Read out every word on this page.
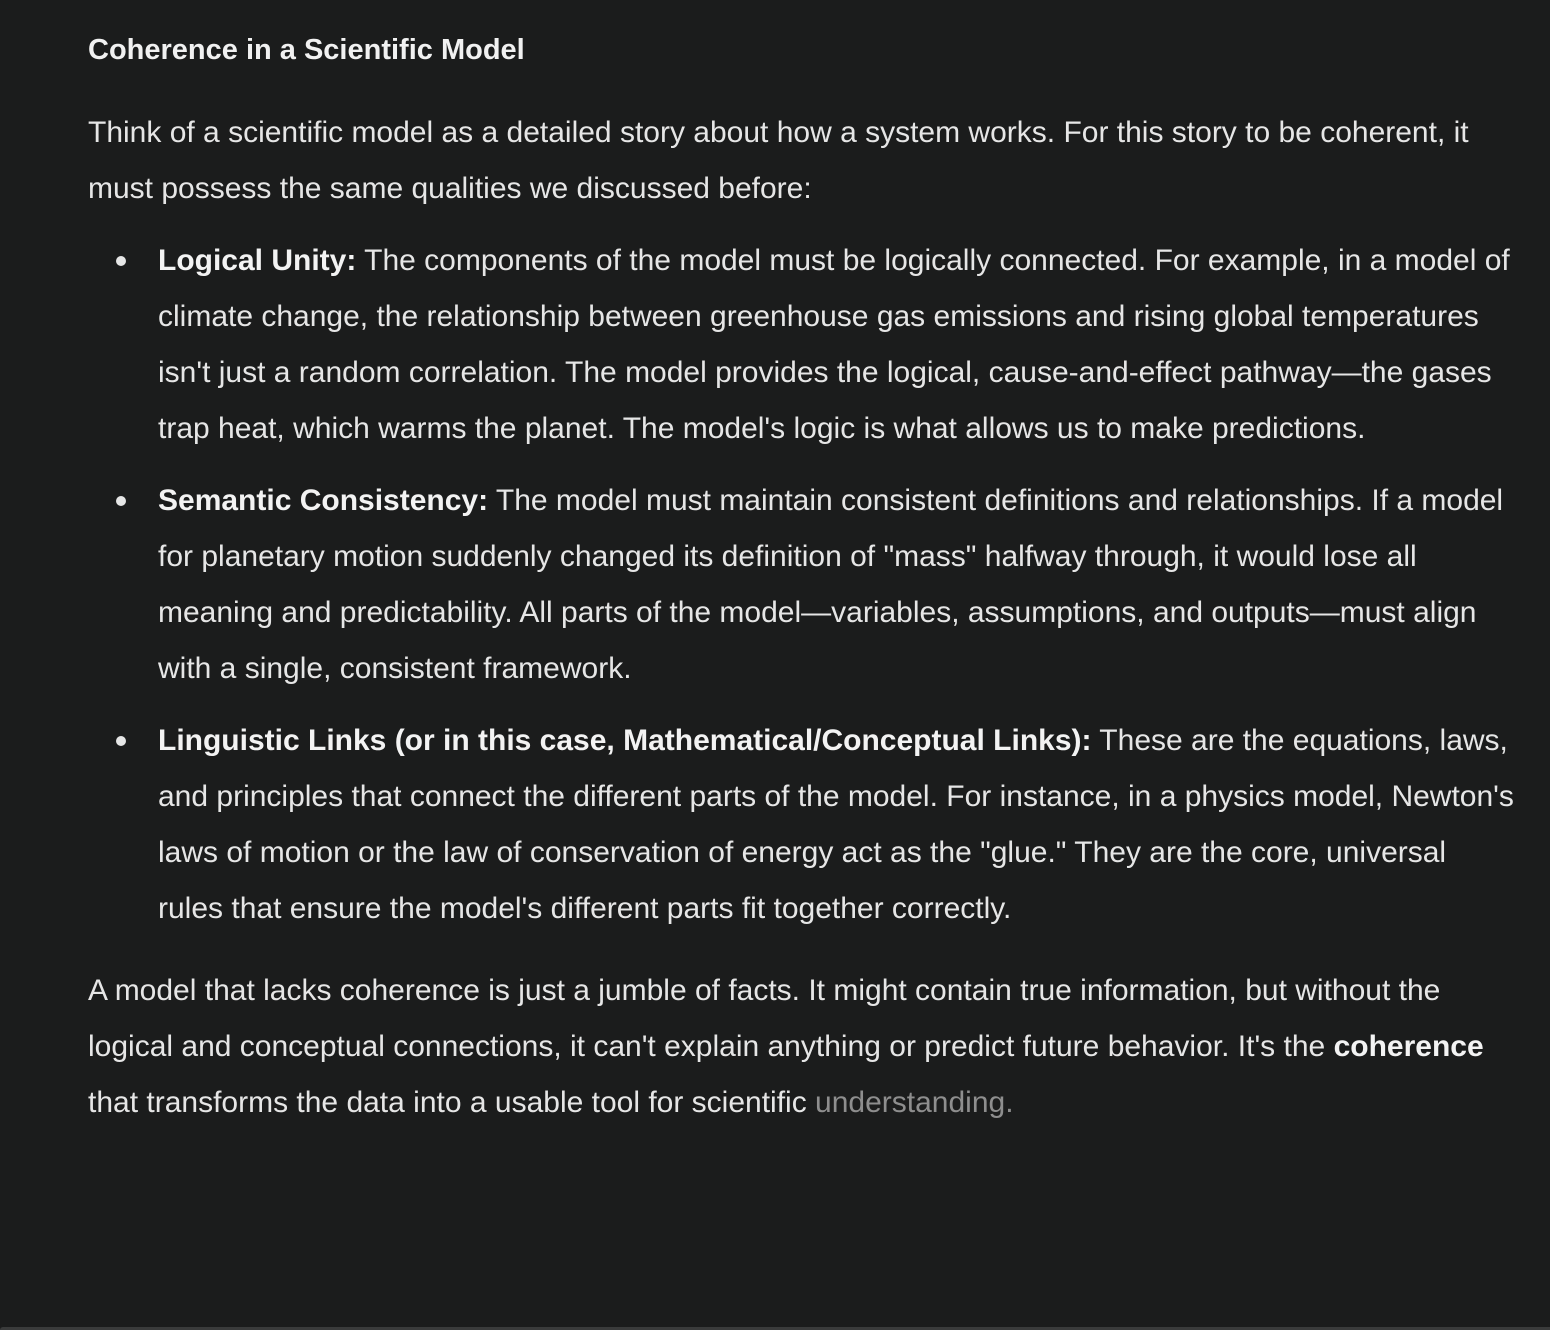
Coherence in a Scientific Model

Think of a scientific model as a detailed story about how a system works. For this story to be coherent, it must possess the same qualities we discussed before:

Logical Unity: The components of the model must be logically connected. For example, in a model of climate change, the relationship between greenhouse gas emissions and rising global temperatures isn't just a random correlation. The model provides the logical, cause-and-effect pathway—the gases trap heat, which warms the planet. The model's logic is what allows us to make predictions.
Semantic Consistency: The model must maintain consistent definitions and relationships. If a model for planetary motion suddenly changed its definition of "mass" halfway through, it would lose all meaning and predictability. All parts of the model—variables, assumptions, and outputs—must align with a single, consistent framework.
Linguistic Links (or in this case, Mathematical/Conceptual Links): These are the equations, laws, and principles that connect the different parts of the model. For instance, in a physics model, Newton's laws of motion or the law of conservation of energy act as the "glue." They are the core, universal rules that ensure the model's different parts fit together correctly.

A model that lacks coherence is just a jumble of facts. It might contain true information, but without the logical and conceptual connections, it can't explain anything or predict future behavior. It's the coherence that transforms the data into a usable tool for scientific understanding.
